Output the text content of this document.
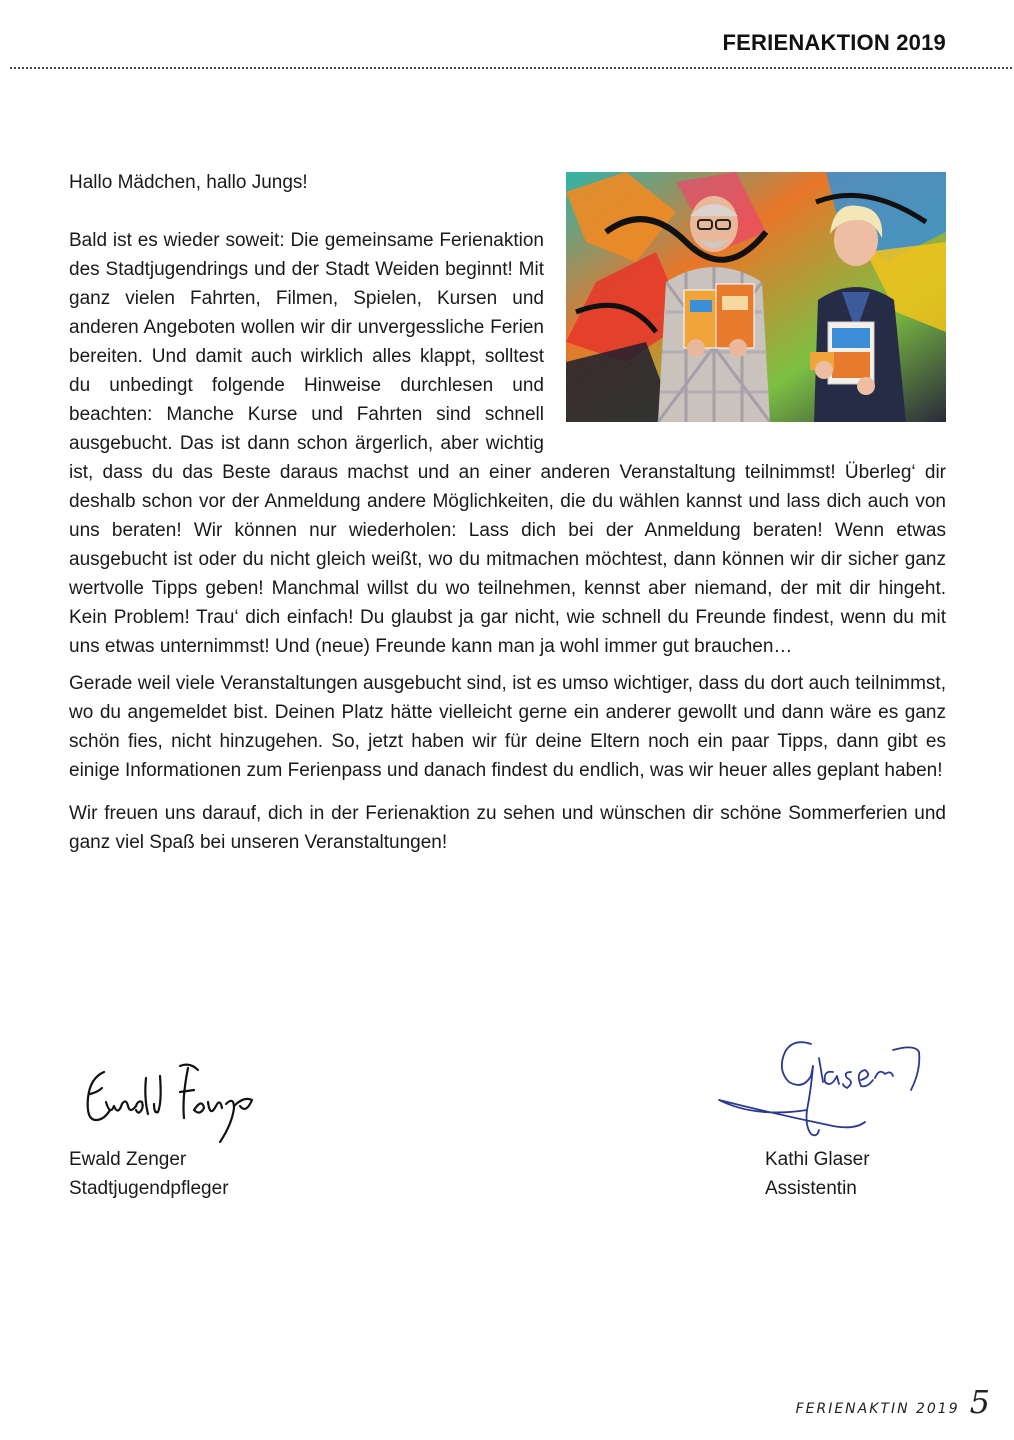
FERIENAKTION 2019

Hallo Mädchen, hallo Jungs!

Bald ist es wieder soweit: Die gemeinsame Ferienaktion des Stadtjugendrings und der Stadt Weiden beginnt! Mit ganz vielen Fahrten, Filmen, Spielen, Kursen und anderen Angeboten wollen wir dir unvergessliche Ferien bereiten. Und damit auch wirklich alles klappt, solltest du unbedingt folgende Hinweise durchlesen und beachten: Manche Kurse und Fahrten sind schnell ausgebucht. Das ist dann schon ärgerlich, aber wichtig ist, dass du das Beste daraus machst und an einer anderen Veranstaltung teilnimmst! Überleg‘ dir deshalb schon vor der Anmeldung andere Möglichkeiten, die du wählen kannst und lass dich auch von uns beraten! Wir können nur wiederholen: Lass dich bei der Anmeldung beraten! Wenn etwas ausgebucht ist oder du nicht gleich weißt, wo du mitmachen möchtest, dann können wir dir sicher ganz wertvolle Tipps geben! Manchmal willst du wo teilnehmen, kennst aber niemand, der mit dir hingeht. Kein Problem! Trau‘ dich einfach! Du glaubst ja gar nicht, wie schnell du Freunde findest, wenn du mit uns etwas unternimmst! Und (neue) Freunde kann man ja wohl immer gut brauchen…

Gerade weil viele Veranstaltungen ausgebucht sind, ist es umso wichtiger, dass du dort auch teilnimmst, wo du angemeldet bist. Deinen Platz hätte vielleicht gerne ein anderer gewollt und dann wäre es ganz schön fies, nicht hinzugehen. So, jetzt haben wir für deine Eltern noch ein paar Tipps, dann gibt es einige Informationen zum Ferienpass und danach findest du endlich, was wir heuer alles geplant haben!

Wir freuen uns darauf, dich in der Ferienaktion zu sehen und wünschen dir schöne Sommerferien und ganz viel Spaß bei unseren Veranstaltungen!

Ewald Zenger
Stadtjugendpfleger
Kathi Glaser
Assistentin
FERIENAKTIN 2019 5
